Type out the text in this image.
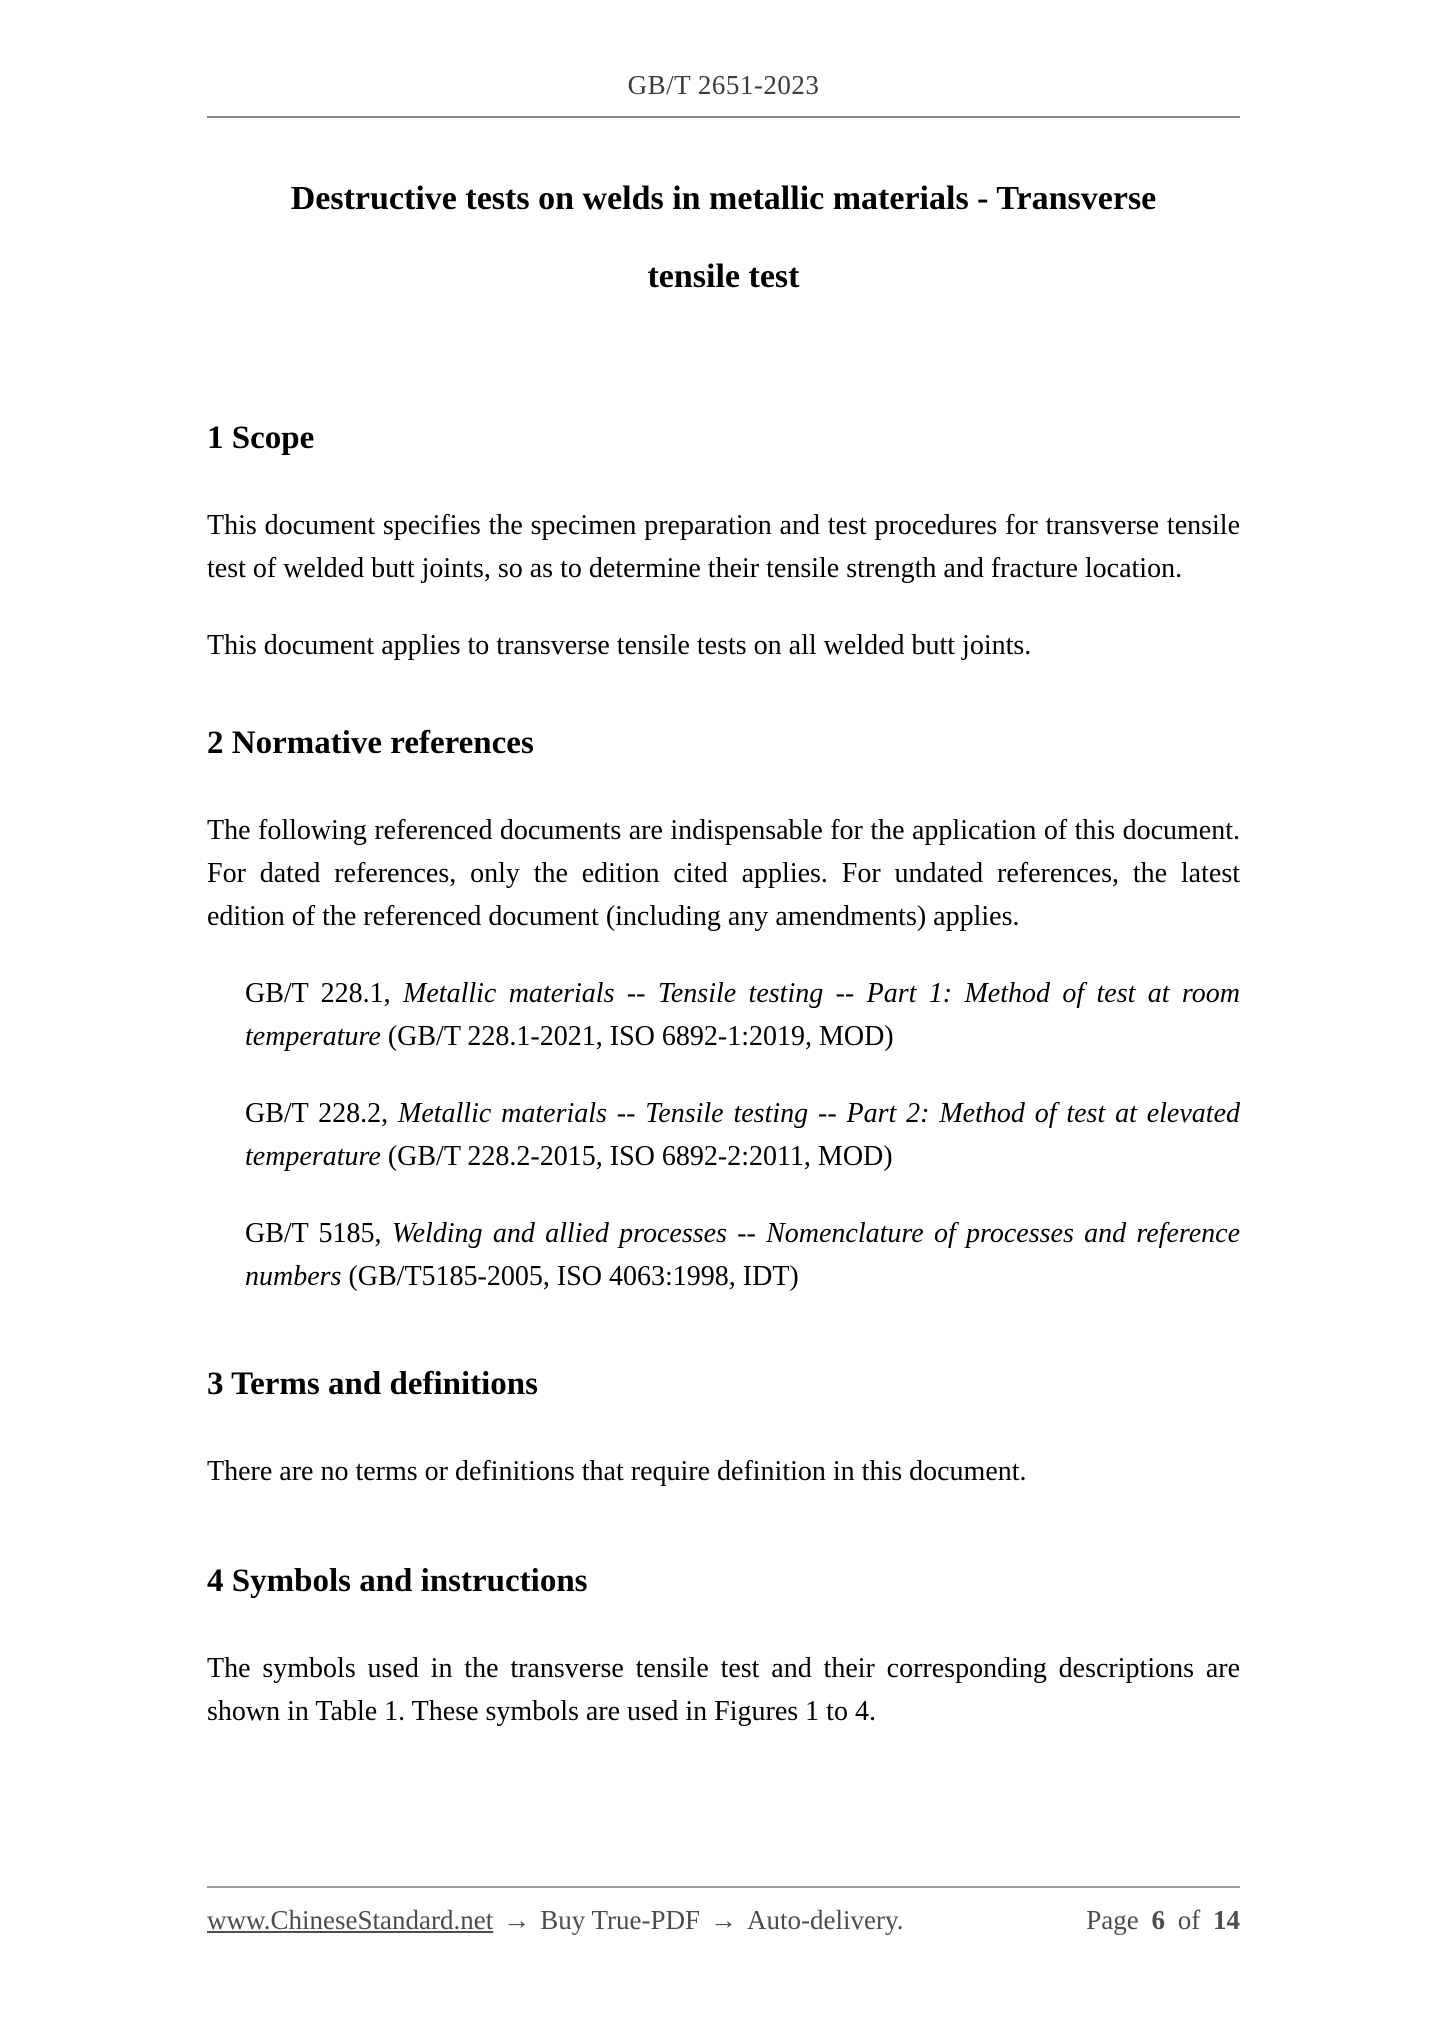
GB/T 2651-2023
Destructive tests on welds in metallic materials - Transverse
tensile test
1 Scope

This document specifies the specimen preparation and test procedures for transverse tensile test of welded butt joints, so as to determine their tensile strength and fracture location.

This document applies to transverse tensile tests on all welded butt joints.

2 Normative references

The following referenced documents are indispensable for the application of this document. For dated references, only the edition cited applies. For undated references, the latest edition of the referenced document (including any amendments) applies.

GB/T 228.1, Metallic materials -- Tensile testing -- Part 1: Method of test at room temperature (GB/T 228.1-2021, ISO 6892-1:2019, MOD)

GB/T 228.2, Metallic materials -- Tensile testing -- Part 2: Method of test at elevated temperature (GB/T 228.2-2015, ISO 6892-2:2011, MOD)

GB/T 5185, Welding and allied processes -- Nomenclature of processes and reference numbers (GB/T5185-2005, ISO 4063:1998, IDT)

3 Terms and definitions

There are no terms or definitions that require definition in this document.

4 Symbols and instructions

The symbols used in the transverse tensile test and their corresponding descriptions are shown in Table 1. These symbols are used in Figures 1 to 4.

www.ChineseStandard.net → Buy True-PDF → Auto-delivery.	Page 6 of 14
